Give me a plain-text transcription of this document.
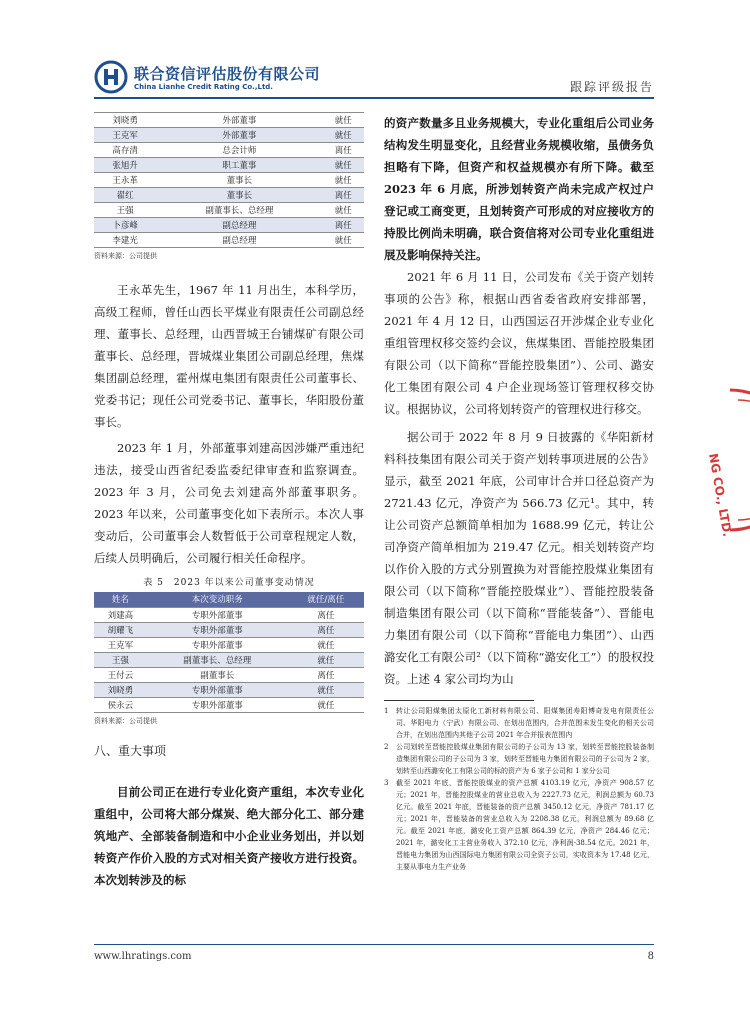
联合资信评估股份有限公司
China Lianhe Credit Rating Co.,Ltd.	跟踪评级报告
刘晓勇	外部董事	就任
王克军	外部董事	就任
高存清	总会计师	离任
张旭升	职工董事	就任
王永革	董事长	就任
翟红	董事长	离任
王强	副董事长、总经理	就任
卜彦峰	副总经理	离任
李建光	副总经理	就任
资料来源：公司提供

王永革先生，1967 年 11 月出生，本科学历，高级工程师，曾任山西长平煤业有限责任公司副总经理、董事长、总经理，山西晋城王台铺煤矿有限公司董事长、总经理，晋城煤业集团公司副总经理，焦煤集团副总经理，霍州煤电集团有限责任公司董事长、党委书记；现任公司党委书记、董事长，华阳股份董事长。

2023 年 1 月，外部董事刘建高因涉嫌严重违纪违法，接受山西省纪委监委纪律审查和监察调查。2023 年 3 月，公司免去刘建高外部董事职务。2023 年以来，公司董事变化如下表所示。本次人事变动后，公司董事会人数暂低于公司章程规定人数，后续人员明确后，公司履行相关任命程序。

表 5　2023 年以来公司董事变动情况
姓名	本次变动职务	就任/离任
刘建高	专职外部董事	离任
胡耀飞	专职外部董事	离任
王克军	专职外部董事	就任
王强	副董事长、总经理	就任
王付云	副董事长	离任
刘晓勇	专职外部董事	就任
侯永云	专职外部董事	就任
资料来源：公司提供
八、重大事项

目前公司正在进行专业化资产重组，本次专业化重组中，公司将大部分煤炭、绝大部分化工、部分建筑地产、全部装备制造和中小企业业务划出，并以划转资产作价入股的方式对相关资产接收方进行投资。本次划转涉及的标

的资产数量多且业务规模大，专业化重组后公司业务结构发生明显变化，且经营业务规模收缩，虽债务负担略有下降，但资产和权益规模亦有所下降。截至 2023 年 6 月底，所涉划转资产尚未完成产权过户登记或工商变更，且划转资产可形成的对应接收方的持股比例尚未明确，联合资信将对公司专业化重组进展及影响保持关注。

2021 年 6 月 11 日，公司发布《关于资产划转事项的公告》称，根据山西省委省政府安排部署，2021 年 4 月 12 日，山西国运召开涉煤企业专业化重组管理权移交签约会议，焦煤集团、晋能控股集团有限公司（以下简称“晋能控股集团”）、公司、潞安化工集团有限公司 4 户企业现场签订管理权移交协议。根据协议，公司将划转资产的管理权进行移交。

据公司于 2022 年 8 月 9 日披露的《华阳新材料科技集团有限公司关于资产划转事项进展的公告》显示，截至 2021 年底，公司审计合并口径总资产为 2721.43 亿元，净资产为 566.73 亿元¹。其中，转让公司资产总额简单相加为 1688.99 亿元，转让公司净资产简单相加为 219.47 亿元。相关划转资产均以作价入股的方式分别置换为对晋能控股煤业集团有限公司（以下简称“晋能控股煤业”）、晋能控股装备制造集团有限公司（以下简称“晋能装备”）、晋能电力集团有限公司（以下简称“晋能电力集团”）、山西潞安化工有限公司²（以下简称“潞安化工”）的股权投资。上述 4 家公司均为山

1	转让公司阳煤集团太原化工新材料有限公司、阳煤集团寿阳博奇发电有限责任公司、华阳电力（宁武）有限公司、在划出范围内，合并范围未发生变化的相关公司合并，在划出范围内其他子公司 2021 年合并报表范围内
2	公司划转至晋能控股煤业集团有限公司的子公司为 13 家，划转至晋能控股装备制造集团有限公司的子公司为 3 家，划转至晋能电力集团有限公司的子公司为 2 家，划转至山西潞安化工有限公司的标的资产为 6 家子公司和 1 家分公司
3	截至 2021 年底，晋能控股煤业的资产总额 4103.19 亿元，净资产 908.57 亿元；2021 年，晋能控股煤业的营业总收入为 2227.73 亿元，利润总额为 60.73 亿元。截至 2021 年底，晋能装备的资产总额 3450.12 亿元，净资产 781.17 亿元；2021 年，晋能装备的营业总收入为 2208.38 亿元，利润总额为 89.68 亿元。截至 2021 年底，潞安化工资产总额 864.39 亿元，净资产 284.46 亿元；2021 年，潞安化工主营业务收入 372.10 亿元，净利润-38.54 亿元。2021 年，晋能电力集团为山西国际电力集团有限公司全资子公司，实收资本为 17.48 亿元，主要从事电力生产业务
NG CO., LTD.
www.lhratings.com	8
